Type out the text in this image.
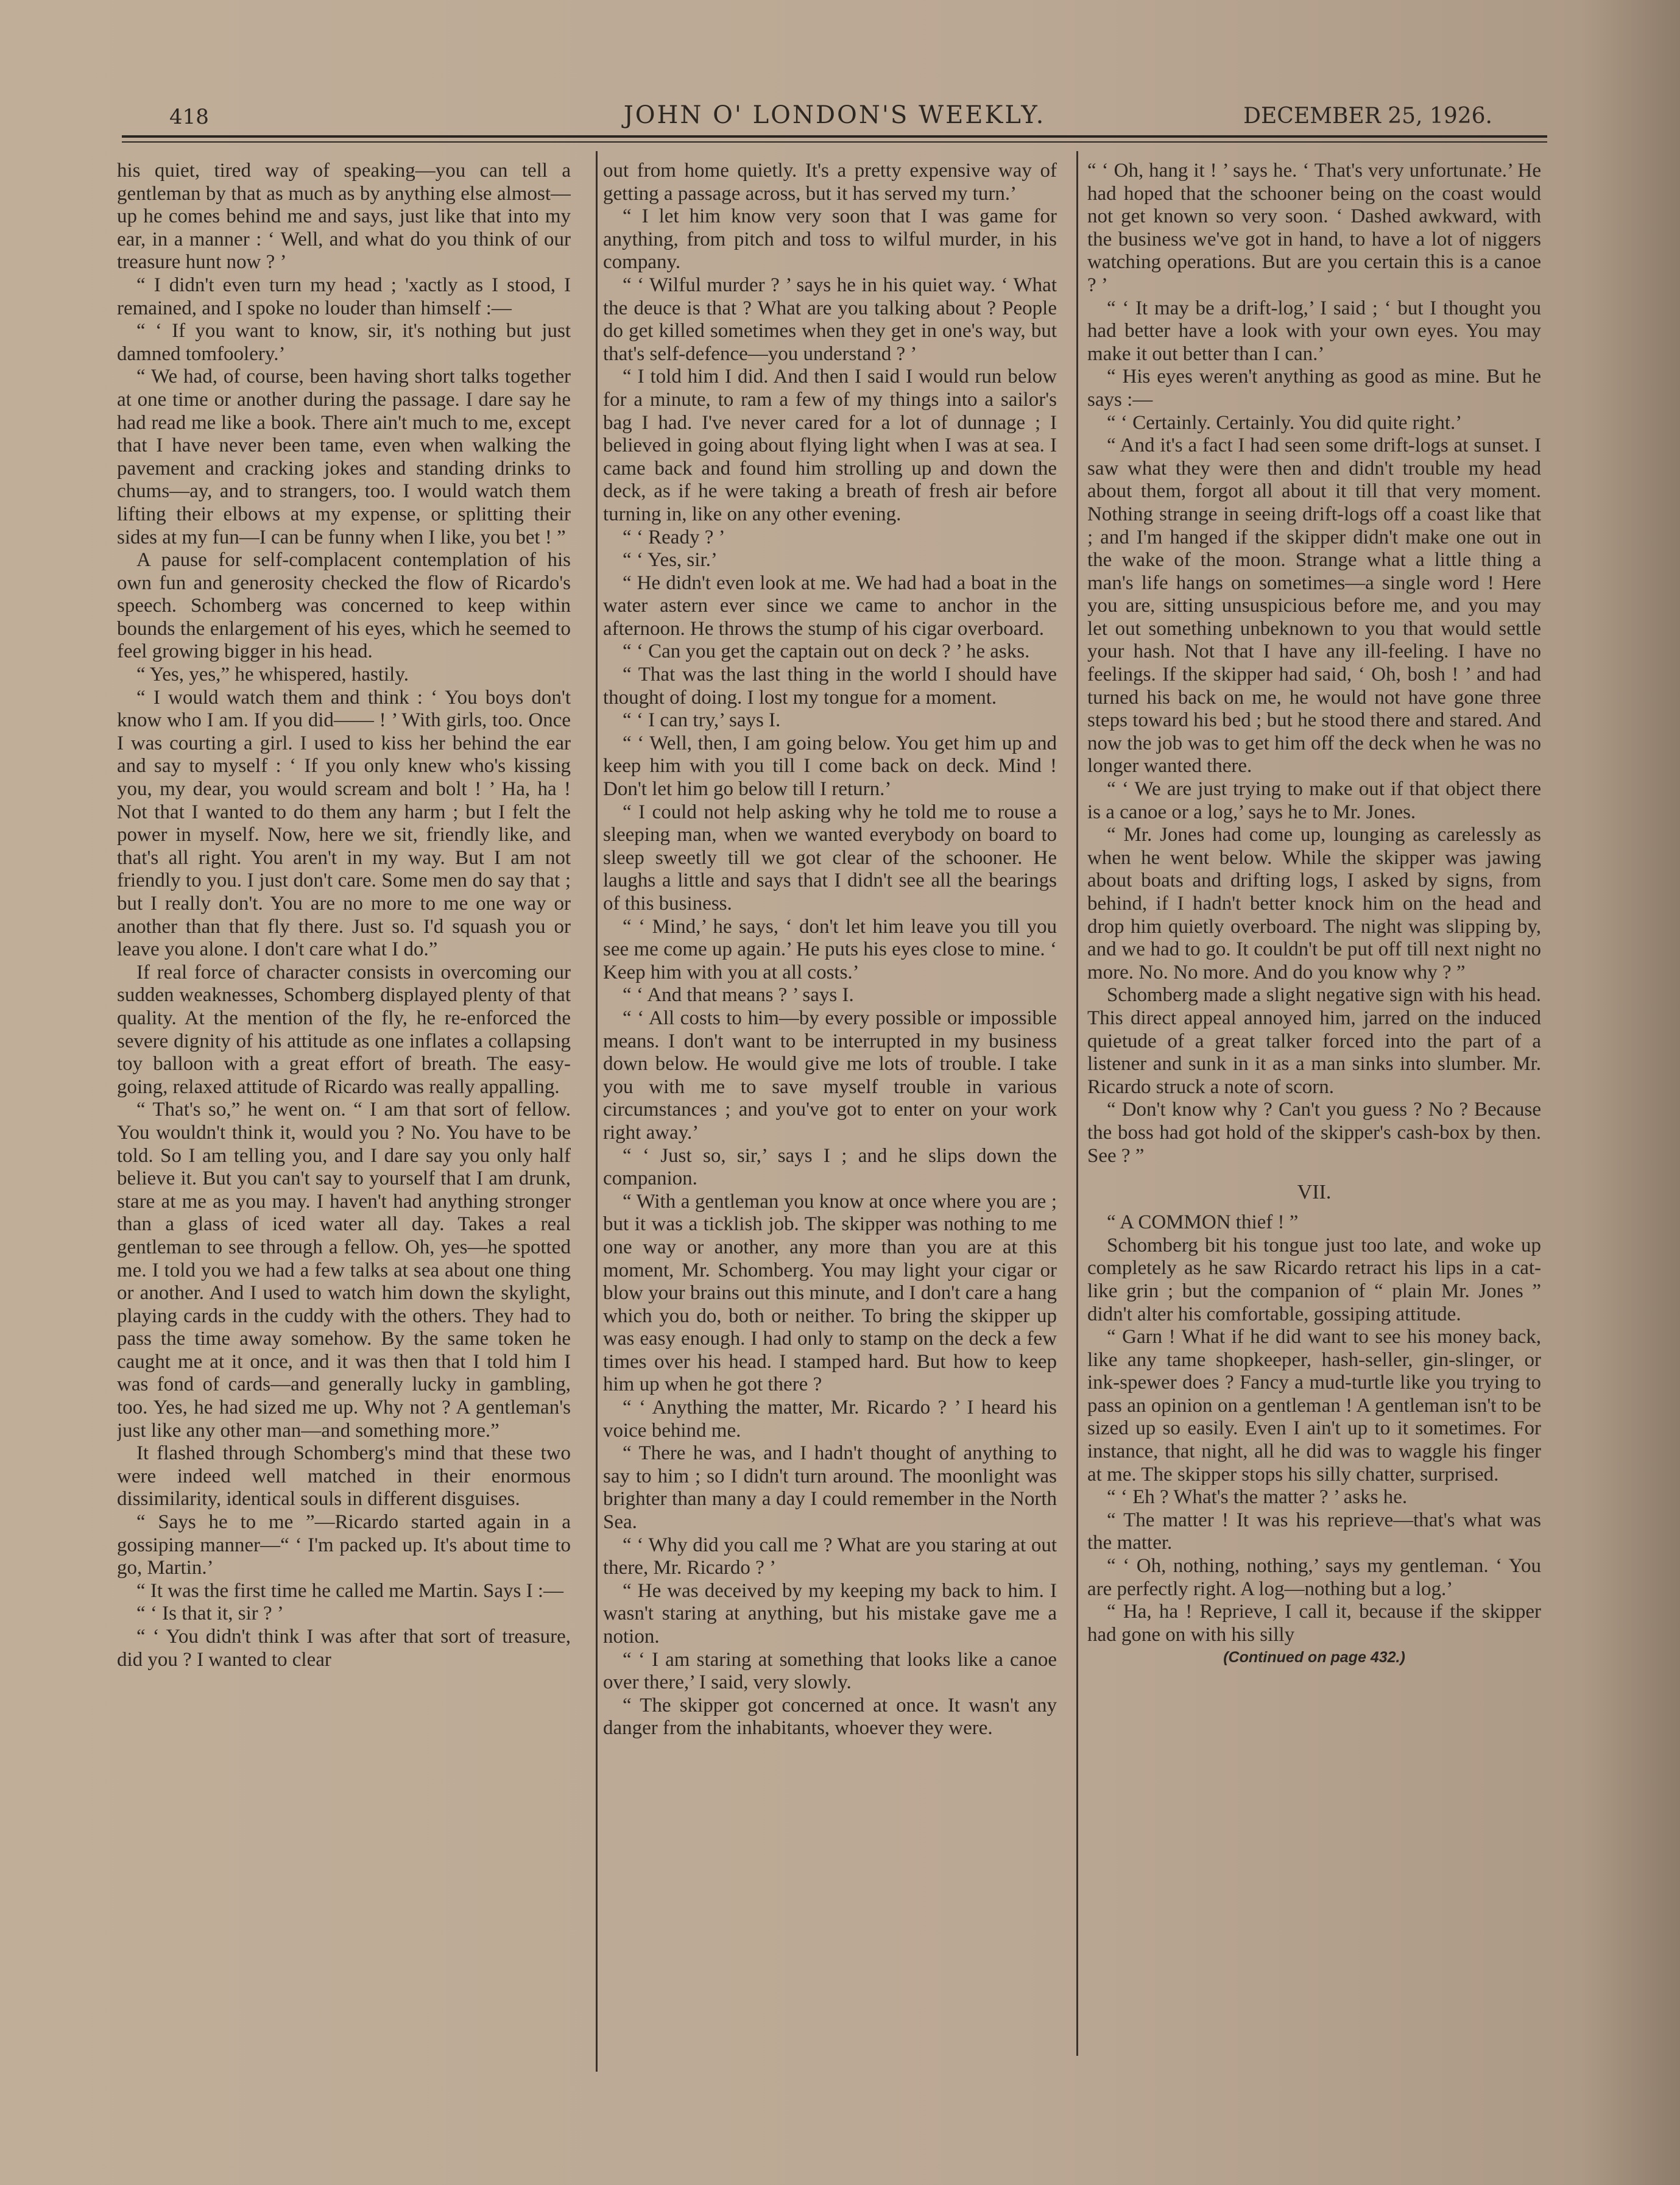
418	JOHN O' LONDON'S WEEKLY.	DECEMBER 25, 1926.

his quiet, tired way of speaking—you can tell a gentleman by that as much as by anything else almost—up he comes behind me and says, just like that into my ear, in a manner : ‘ Well, and what do you think of our treasure hunt now ? ’

“ I didn't even turn my head ; 'xactly as I stood, I remained, and I spoke no louder than himself :—

“ ‘ If you want to know, sir, it's nothing but just damned tomfoolery.’

“ We had, of course, been having short talks together at one time or another during the passage. I dare say he had read me like a book. There ain't much to me, except that I have never been tame, even when walking the pavement and cracking jokes and standing drinks to chums—ay, and to strangers, too. I would watch them lifting their elbows at my expense, or splitting their sides at my fun—I can be funny when I like, you bet ! ”

A pause for self-complacent contemplation of his own fun and generosity checked the flow of Ricardo's speech. Schomberg was concerned to keep within bounds the enlargement of his eyes, which he seemed to feel growing bigger in his head.

“ Yes, yes,” he whispered, hastily.

“ I would watch them and think : ‘ You boys don't know who I am. If you did—— ! ’ With girls, too. Once I was courting a girl. I used to kiss her behind the ear and say to myself : ‘ If you only knew who's kissing you, my dear, you would scream and bolt ! ’ Ha, ha ! Not that I wanted to do them any harm ; but I felt the power in myself. Now, here we sit, friendly like, and that's all right. You aren't in my way. But I am not friendly to you. I just don't care. Some men do say that ; but I really don't. You are no more to me one way or another than that fly there. Just so. I'd squash you or leave you alone. I don't care what I do.”

If real force of character consists in overcoming our sudden weaknesses, Schomberg displayed plenty of that quality. At the mention of the fly, he re-enforced the severe dignity of his attitude as one inflates a collapsing toy balloon with a great effort of breath. The easy-going, relaxed attitude of Ricardo was really appalling.

“ That's so,” he went on. “ I am that sort of fellow. You wouldn't think it, would you ? No. You have to be told. So I am telling you, and I dare say you only half believe it. But you can't say to yourself that I am drunk, stare at me as you may. I haven't had anything stronger than a glass of iced water all day. Takes a real gentleman to see through a fellow. Oh, yes—he spotted me. I told you we had a few talks at sea about one thing or another. And I used to watch him down the skylight, playing cards in the cuddy with the others. They had to pass the time away somehow. By the same token he caught me at it once, and it was then that I told him I was fond of cards—and generally lucky in gambling, too. Yes, he had sized me up. Why not ? A gentleman's just like any other man—and something more.”

It flashed through Schomberg's mind that these two were indeed well matched in their enormous dissimilarity, identical souls in different disguises.

“ Says he to me ”—Ricardo started again in a gossiping manner—“ ‘ I'm packed up. It's about time to go, Martin.’

“ It was the first time he called me Martin. Says I :—

“ ‘ Is that it, sir ? ’

“ ‘ You didn't think I was after that sort of treasure, did you ? I wanted to clear

out from home quietly. It's a pretty expensive way of getting a passage across, but it has served my turn.’

“ I let him know very soon that I was game for anything, from pitch and toss to wilful murder, in his company.

“ ‘ Wilful murder ? ’ says he in his quiet way. ‘ What the deuce is that ? What are you talking about ? People do get killed sometimes when they get in one's way, but that's self-defence—you understand ? ’

“ I told him I did. And then I said I would run below for a minute, to ram a few of my things into a sailor's bag I had. I've never cared for a lot of dunnage ; I believed in going about flying light when I was at sea. I came back and found him strolling up and down the deck, as if he were taking a breath of fresh air before turning in, like on any other evening.

“ ‘ Ready ? ’

“ ‘ Yes, sir.’

“ He didn't even look at me. We had had a boat in the water astern ever since we came to anchor in the afternoon. He throws the stump of his cigar overboard.

“ ‘ Can you get the captain out on deck ? ’ he asks.

“ That was the last thing in the world I should have thought of doing. I lost my tongue for a moment.

“ ‘ I can try,’ says I.

“ ‘ Well, then, I am going below. You get him up and keep him with you till I come back on deck. Mind ! Don't let him go below till I return.’

“ I could not help asking why he told me to rouse a sleeping man, when we wanted everybody on board to sleep sweetly till we got clear of the schooner. He laughs a little and says that I didn't see all the bearings of this business.

“ ‘ Mind,’ he says, ‘ don't let him leave you till you see me come up again.’ He puts his eyes close to mine. ‘ Keep him with you at all costs.’

“ ‘ And that means ? ’ says I.

“ ‘ All costs to him—by every possible or impossible means. I don't want to be interrupted in my business down below. He would give me lots of trouble. I take you with me to save myself trouble in various circumstances ; and you've got to enter on your work right away.’

“ ‘ Just so, sir,’ says I ; and he slips down the companion.

“ With a gentleman you know at once where you are ; but it was a ticklish job. The skipper was nothing to me one way or another, any more than you are at this moment, Mr. Schomberg. You may light your cigar or blow your brains out this minute, and I don't care a hang which you do, both or neither. To bring the skipper up was easy enough. I had only to stamp on the deck a few times over his head. I stamped hard. But how to keep him up when he got there ?

“ ‘ Anything the matter, Mr. Ricardo ? ’ I heard his voice behind me.

“ There he was, and I hadn't thought of anything to say to him ; so I didn't turn around. The moonlight was brighter than many a day I could remember in the North Sea.

“ ‘ Why did you call me ? What are you staring at out there, Mr. Ricardo ? ’

“ He was deceived by my keeping my back to him. I wasn't staring at anything, but his mistake gave me a notion.

“ ‘ I am staring at something that looks like a canoe over there,’ I said, very slowly.

“ The skipper got concerned at once. It wasn't any danger from the inhabitants, whoever they were.

“ ‘ Oh, hang it ! ’ says he. ‘ That's very unfortunate.’ He had hoped that the schooner being on the coast would not get known so very soon. ‘ Dashed awkward, with the business we've got in hand, to have a lot of niggers watching operations. But are you certain this is a canoe ? ’

“ ‘ It may be a drift-log,’ I said ; ‘ but I thought you had better have a look with your own eyes. You may make it out better than I can.’

“ His eyes weren't anything as good as mine. But he says :—

“ ‘ Certainly. Certainly. You did quite right.’

“ And it's a fact I had seen some drift-logs at sunset. I saw what they were then and didn't trouble my head about them, forgot all about it till that very moment. Nothing strange in seeing drift-logs off a coast like that ; and I'm hanged if the skipper didn't make one out in the wake of the moon. Strange what a little thing a man's life hangs on sometimes—a single word ! Here you are, sitting unsuspicious before me, and you may let out something unbeknown to you that would settle your hash. Not that I have any ill-feeling. I have no feelings. If the skipper had said, ‘ Oh, bosh ! ’ and had turned his back on me, he would not have gone three steps toward his bed ; but he stood there and stared. And now the job was to get him off the deck when he was no longer wanted there.

“ ‘ We are just trying to make out if that object there is a canoe or a log,’ says he to Mr. Jones.

“ Mr. Jones had come up, lounging as carelessly as when he went below. While the skipper was jawing about boats and drifting logs, I asked by signs, from behind, if I hadn't better knock him on the head and drop him quietly overboard. The night was slipping by, and we had to go. It couldn't be put off till next night no more. No. No more. And do you know why ? ”

Schomberg made a slight negative sign with his head. This direct appeal annoyed him, jarred on the induced quietude of a great talker forced into the part of a listener and sunk in it as a man sinks into slumber. Mr. Ricardo struck a note of scorn.

“ Don't know why ? Can't you guess ? No ? Because the boss had got hold of the skipper's cash-box by then. See ? ”

VII.

“ A COMMON thief ! ”

Schomberg bit his tongue just too late, and woke up completely as he saw Ricardo retract his lips in a cat-like grin ; but the companion of “ plain Mr. Jones ” didn't alter his comfortable, gossiping attitude.

“ Garn ! What if he did want to see his money back, like any tame shopkeeper, hash-seller, gin-slinger, or ink-spewer does ? Fancy a mud-turtle like you trying to pass an opinion on a gentleman ! A gentleman isn't to be sized up so easily. Even I ain't up to it sometimes. For instance, that night, all he did was to waggle his finger at me. The skipper stops his silly chatter, surprised.

“ ‘ Eh ? What's the matter ? ’ asks he.

“ The matter ! It was his reprieve—that's what was the matter.

“ ‘ Oh, nothing, nothing,’ says my gentleman. ‘ You are perfectly right. A log—nothing but a log.’

“ Ha, ha ! Reprieve, I call it, because if the skipper had gone on with his silly

(Continued on page 432.)
